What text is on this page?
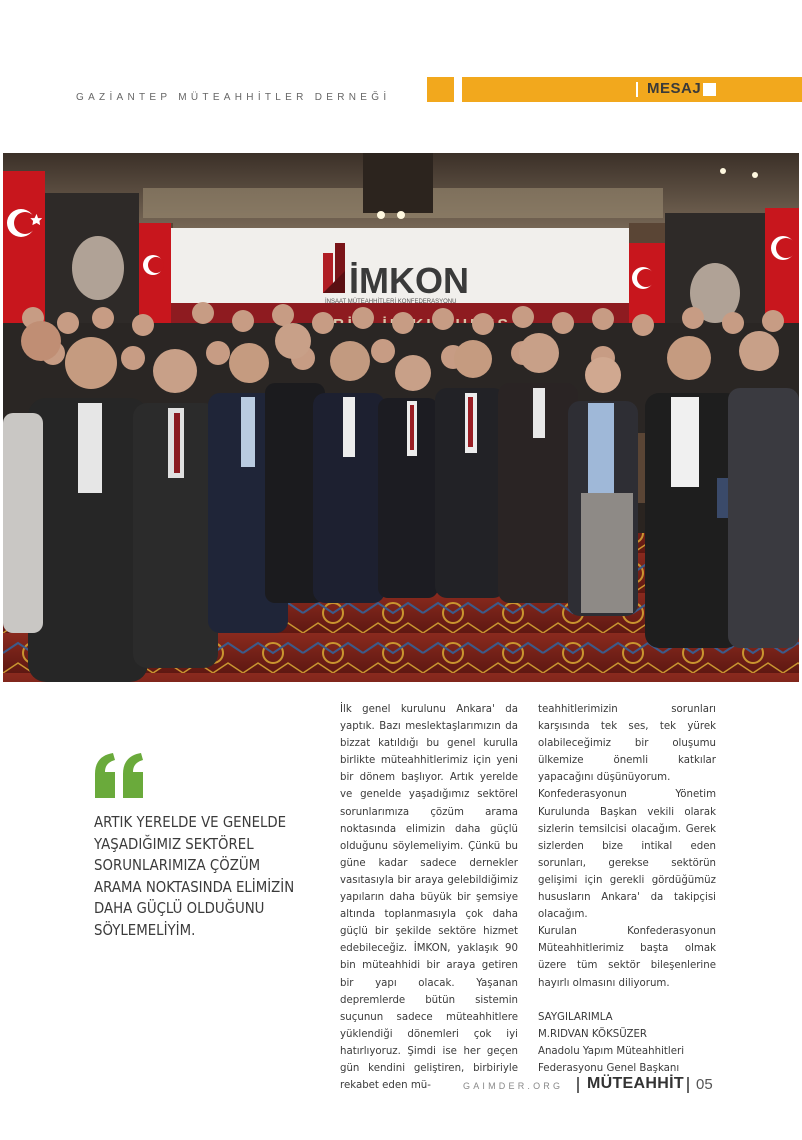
GAZİANTEP MÜTEAHHİTLER DERNEĞİ
MESAJ
İMKON
İNŞAAT MÜTEAHHİTLERİ KONFEDERASYONU

ARTIK YERELDE VE GENELDE YAŞADIĞIMIZ SEKTÖREL SORUNLARIMIZA ÇÖZÜM ARAMA NOKTASINDA ELİMİZİN DAHA GÜÇLÜ OLDUĞUNU SÖYLEMELİYİM.

İlk genel kurulunu Ankara' da yaptık. Bazı meslektaşlarımızın da bizzat katıldığı bu genel kurulla birlikte müteahhitlerimiz için yeni bir dönem başlıyor. Artık yerelde ve genelde yaşadığımız sektörel sorunlarımıza çözüm arama noktasında elimizin daha güçlü olduğunu söylemeliyim. Çünkü bu güne kadar sadece dernekler vasıtasıyla bir araya gelebildiğimiz yapıların daha büyük bir şemsiye altında toplanmasıyla çok daha güçlü bir şekilde sektöre hizmet edebileceğiz. İMKON, yaklaşık 90 bin müteahhidi bir araya getiren bir yapı olacak. Yaşanan depremlerde bütün sistemin suçunun sadece müteahhitlere yüklendiği dönemleri çok iyi hatırlıyoruz. Şimdi ise her geçen gün kendini geliştiren, birbiriyle rekabet eden mü-

teahhitlerimizin sorunları karşısında tek ses, tek yürek olabileceğimiz bir oluşumu ülkemize önemli katkılar yapacağını düşünüyorum.

Konfederasyonun Yönetim Kurulunda Başkan vekili olarak sizlerin temsilcisi olacağım. Gerek sizlerden bize intikal eden sorunları, gerekse sektörün gelişimi için gerekli gördüğümüz hususların Ankara' da takipçisi olacağım.

Kurulan Konfederasyonun Müteahhitlerimiz başta olmak üzere tüm sektör bileşenlerine hayırlı olmasını diliyorum.

SAYGILARIMLA

M.RIDVAN KÖKSÜZER

Anadolu Yapım Müteahhitleri

Federasyonu Genel Başkanı

GAIMDER.ORG MÜTEAHHİT 05
